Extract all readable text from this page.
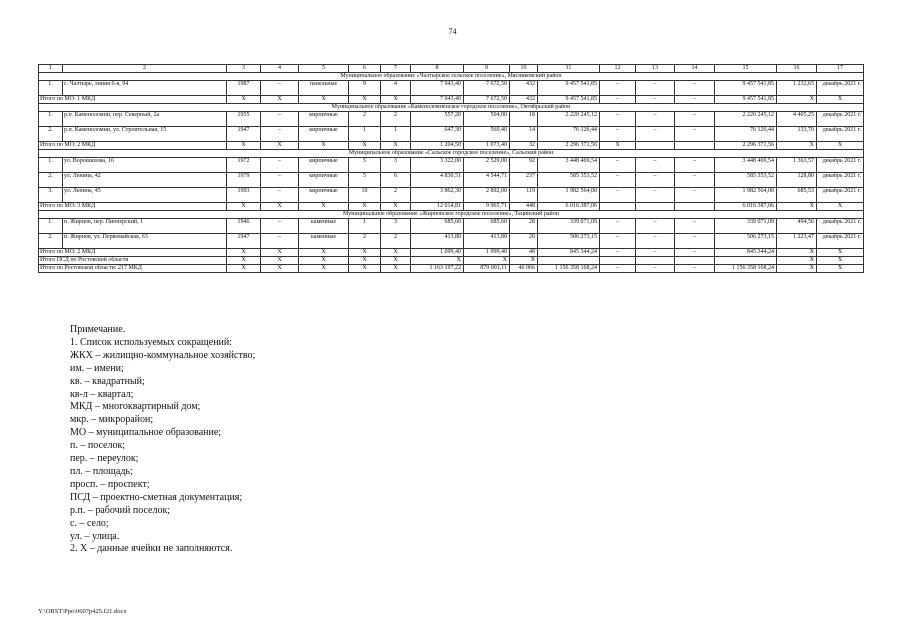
74
1	2	3	4	5	6	7	8	9	10	11	12	13	14	15	16	17
Муниципальное образование «Чалтырское сельское поселение», Мясниковский район																
1.	с. Чалтырь, линия 6-я, 94	1987	–	панельные	9	4	7 943,40	7 672,50	432	9 457 541,85	–	–	–	9 457 541,85	1 232,65	декабрь 2021 г.
Итого по МО: 1 МКД		X	X	X	X	X	7 943,40	7 672,50	432	9 457 541,85	–	–	–	9 457 541,85	X	X
Муниципальное образование «Каменоломненское городское поселение», Октябрьский район																
1.	р.п. Каменоломни, пер. Северный, 2а	1955	–	кирпичные	2	2	557,20	504,00	18	2 220 245,12	–	–	–	2 220 245,12	4 405,25	декабрь 2021 г.
2.	р.п. Каменоломни, ул. Строительная, 15	1947	–	кирпичные	1	1	647,30	569,40	14	76 126,44	–	–	–	76 126,44	133,70	декабрь 2021 г.
Итого по МО: 2 МКД		X	X	X	X	X	1 204,50	1 073,40	32	2 296 371,56	X			2 296 371,56	X	X
Муниципальное образование «Сальское городское поселение», Сальский район																
1.	ул. Ворошилова, 16	1972	–	кирпичные	5	3	3 322,00	2 529,00	92	3 448 469,54	–	–	–	3 448 469,54	1 363,57	декабрь 2021 г.
2.	ул. Ленина, 42	1979	–	кирпичные	5	6	4 830,51	4 544,71	237	585 353,52	–	–	–	585 353,52	128,80	декабрь 2021 г.
3.	ул. Ленина, 45	1993	–	кирпичные	10	2	3 862,30	2 892,00	119	1 982 564,00	–	–	–	1 982 564,00	685,53	декабрь 2021 г.
Итого по МО: 3 МКД		X	X	X	X	X	12 014,81	9 965,71	448	6 016 387,06				6 016 387,06	X	X
Муниципальное образование «Жирновское городское поселение», Тацинский район																
1.	п. Жирнов, пер. Пионерский, 1	1946	–	каменные	1	3	685,60	685,60	28	339 071,09	–	–	–	339 071,09	494,56	декабрь 2021 г.
2.	п. Жирнов, ул. Первомайская, 63	1947	–	каменные	2	2	413,80	413,80	20	506 273,15	–	–	–	506 273,15	1 223,47	декабрь 2021 г.
Итого по МО: 2 МКД		X	X	X	X	X	1 099,40	1 099,40	48	845 344,24	–	–	–	845 344,24	X	X
Итого ПСД по Ростовской области		X	X	X	X	X	X	X	X						X	X
Итого по Ростовской области: 217 МКД		X	X	X	X	X	1 163 197,22	879 001,11	46 066	1 156 358 168,24	–	–	–	1 156 358 168,24	X	X
Примечание.
1. Список используемых сокращений:
ЖКХ – жилищно-коммунальное хозяйство;
им. – имени;
кв. – квадратный;
кв-л – квартал;
МКД – многоквартирный дом;
мкр. – микрорайон;
МО – муниципальное образование;
п. – поселок;
пер. – переулок;
пл. – площадь;
просп. – проспект;
ПСД – проектно-сметная документация;
р.п. – рабочий поселок;
с. – село;
ул. – улица.
2. X – данные ячейки не заполняются.
Y:\ORST\Ppo\0607p425.f21.docx
